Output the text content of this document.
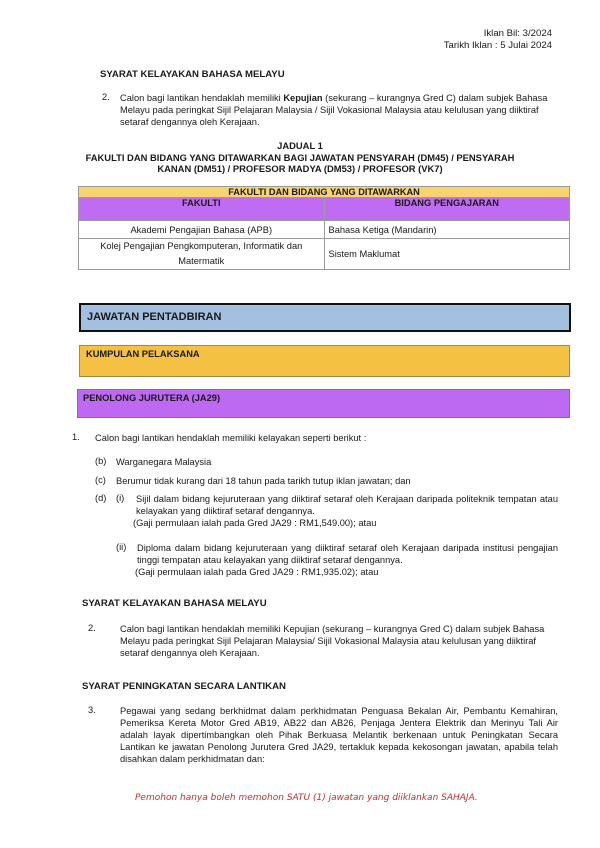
Iklan Bil: 3/2024
Tarikh Iklan : 5 Julai 2024
SYARAT KELAYAKAN BAHASA MELAYU
2. Calon bagi lantikan hendaklah memiliki Kepujian (sekurang – kurangnya Gred C) dalam subjek Bahasa Melayu pada peringkat Sijil Pelajaran Malaysia / Sijil Vokasional Malaysia atau kelulusan yang diiktiraf setaraf dengannya oleh Kerajaan.
JADUAL 1
FAKULTI DAN BIDANG YANG DITAWARKAN BAGI JAWATAN PENSYARAH (DM45) / PENSYARAH
KANAN (DM51) / PROFESOR MADYA (DM53) / PROFESOR (VK7)
FAKULTI DAN BIDANG YANG DITAWARKAN	
FAKULTI	BIDANG PENGAJARAN
Akademi Pengajian Bahasa (APB)	Bahasa Ketiga (Mandarin)

Kolej Pengajian Pengkomputeran, Informatik dan
Matermatik	Sistem Maklumat
JAWATAN PENTADBIRAN
KUMPULAN PELAKSANA
PENOLONG JURUTERA (JA29)
1. Calon bagi lantikan hendaklah memiliki kelayakan seperti berikut :
(b) Warganegara Malaysia
(c) Berumur tidak kurang dari 18 tahun pada tarikh tutup iklan jawatan; dan
(d) (i) Sijil dalam bidang kejuruteraan yang diiktiraf setaraf oleh Kerajaan daripada politeknik tempatan atau kelayakan yang diiktiraf setaraf dengannya.
(Gaji permulaan ialah pada Gred JA29 : RM1,549.00); atau
(ii) Diploma dalam bidang kejuruteraan yang diiktiraf setaraf oleh Kerajaan daripada institusi pengajian tinggi tempatan atau kelayakan yang diiktiraf setaraf dengannya.
(Gaji permulaan ialah pada Gred JA29 : RM1,935.02); atau
SYARAT KELAYAKAN BAHASA MELAYU
2.	Calon bagi lantikan hendaklah memiliki Kepujian (sekurang – kurangnya Gred C) dalam subjek Bahasa Melayu pada peringkat Sijil Pelajaran Malaysia/ Sijil Vokasional Malaysia atau kelulusan yang diiktiraf setaraf dengannya oleh Kerajaan.
SYARAT PENINGKATAN SECARA LANTIKAN
3.	Pegawai yang sedang berkhidmat dalam perkhidmatan Penguasa Bekalan Air, Pembantu Kemahiran, Pemeriksa Kereta Motor Gred AB19, AB22 dan AB26, Penjaga Jentera Elektrik dan Merinyu Tali Air adalah layak dipertimbangkan oleh Pihak Berkuasa Melantik berkenaan untuk Peningkatan Secara Lantikan ke jawatan Penolong Jurutera Gred JA29, tertakluk kepada kekosongan jawatan, apabila telah disahkan dalam perkhidmatan dan:
Pemohon hanya boleh memohon SATU (1) jawatan yang diiklankan SAHAJA.
